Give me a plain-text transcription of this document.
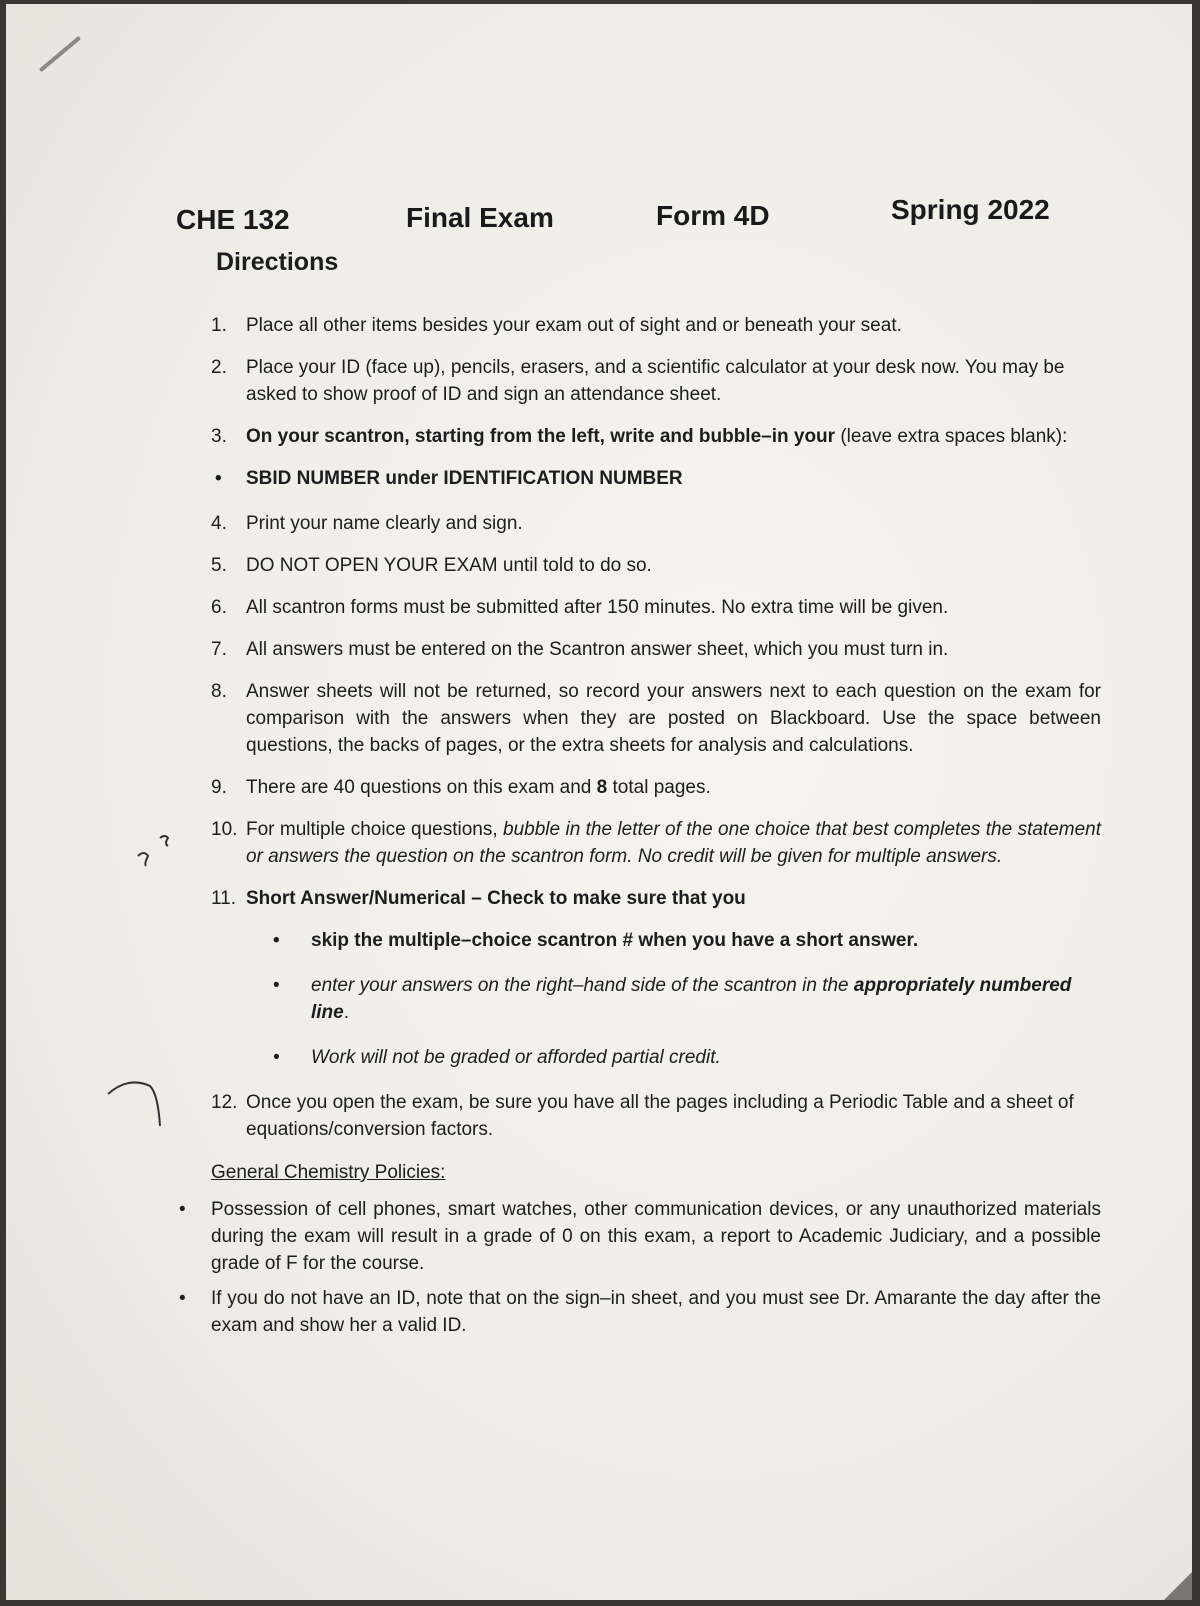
CHE 132	Final Exam	Form 4D	Spring 2022
Directions
1. Place all other items besides your exam out of sight and or beneath your seat.
2. Place your ID (face up), pencils, erasers, and a scientific calculator at your desk now. You may be asked to show proof of ID and sign an attendance sheet.
3. On your scantron, starting from the left, write and bubble–in your (leave extra spaces blank):
• SBID NUMBER under IDENTIFICATION NUMBER
4. Print your name clearly and sign.
5. DO NOT OPEN YOUR EXAM until told to do so.
6. All scantron forms must be submitted after 150 minutes. No extra time will be given.
7. All answers must be entered on the Scantron answer sheet, which you must turn in.
8. Answer sheets will not be returned, so record your answers next to each question on the exam for comparison with the answers when they are posted on Blackboard. Use the space between questions, the backs of pages, or the extra sheets for analysis and calculations.
9. There are 40 questions on this exam and 8 total pages.
10. For multiple choice questions, bubble in the letter of the one choice that best completes the statement or answers the question on the scantron form. No credit will be given for multiple answers.
11. Short Answer/Numerical – Check to make sure that you
• skip the multiple–choice scantron # when you have a short answer.
• enter your answers on the right–hand side of the scantron in the appropriately numbered line.
• Work will not be graded or afforded partial credit.
12. Once you open the exam, be sure you have all the pages including a Periodic Table and a sheet of equations/conversion factors.
General Chemistry Policies:
• Possession of cell phones, smart watches, other communication devices, or any unauthorized materials during the exam will result in a grade of 0 on this exam, a report to Academic Judiciary, and a possible grade of F for the course.
• If you do not have an ID, note that on the sign–in sheet, and you must see Dr. Amarante the day after the exam and show her a valid ID.
